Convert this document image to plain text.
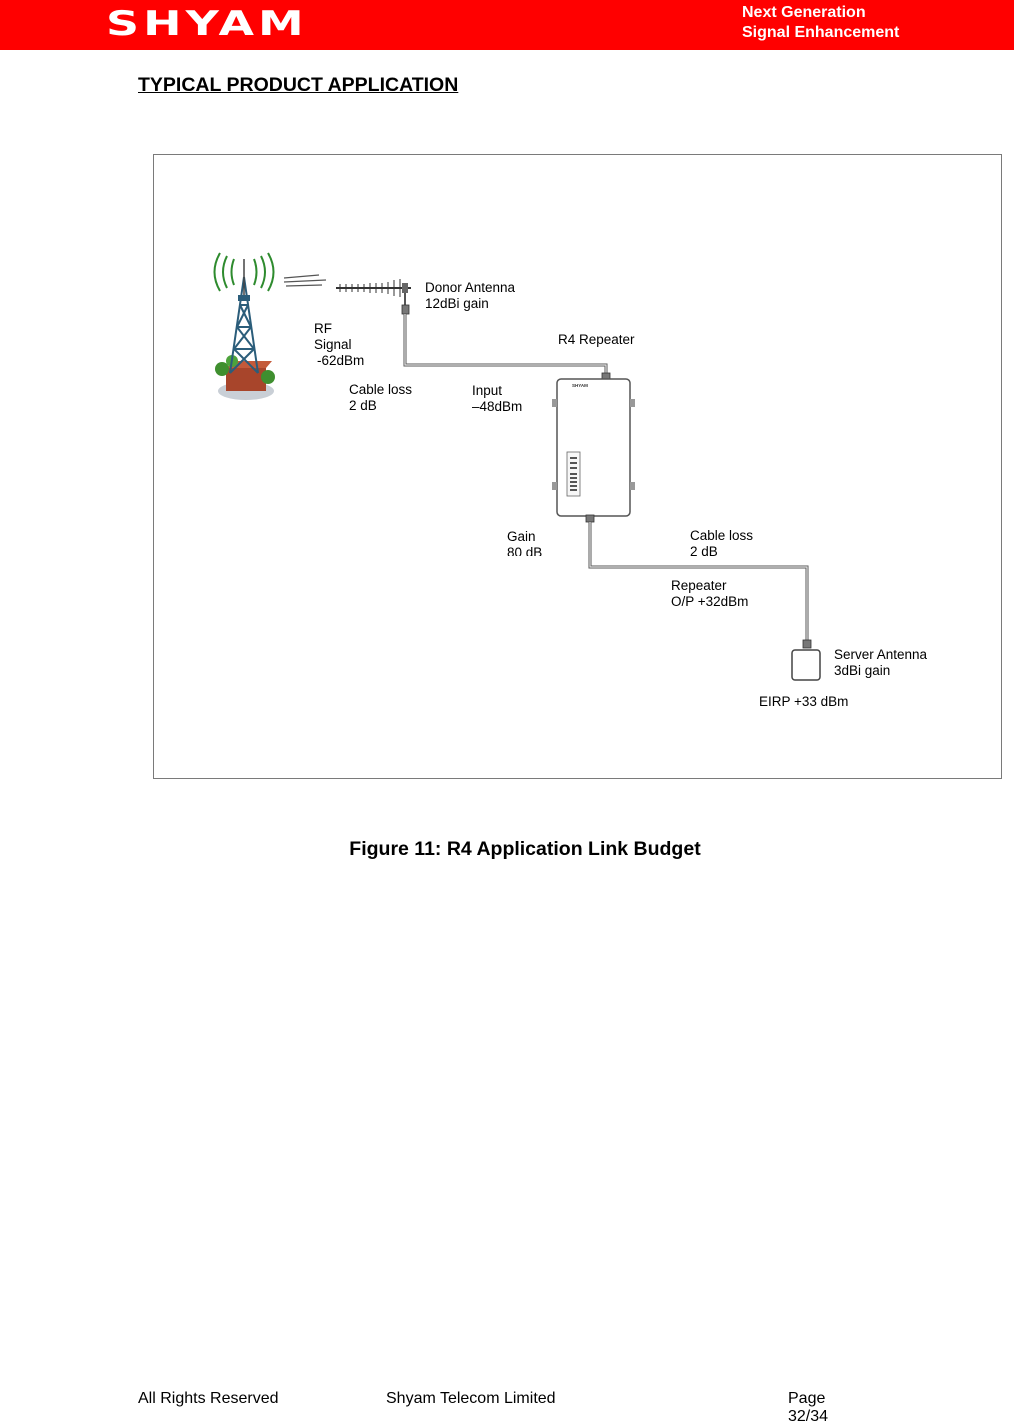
SHYAM	Next Generation
Signal Enhancement
TYPICAL PRODUCT APPLICATION
SHYAM
Donor Antenna
12dBi gain
RF
Signal
-62dBm
R4 Repeater
Cable loss
2 dB
Input
–48dBm
Gain
80 dB
Cable loss
2 dB
Repeater
O/P +32dBm
Server Antenna
3dBi gain
EIRP +33 dBm
Figure 11: R4 Application Link Budget
All Rights Reserved	Shyam Telecom Limited	Page
32/34
